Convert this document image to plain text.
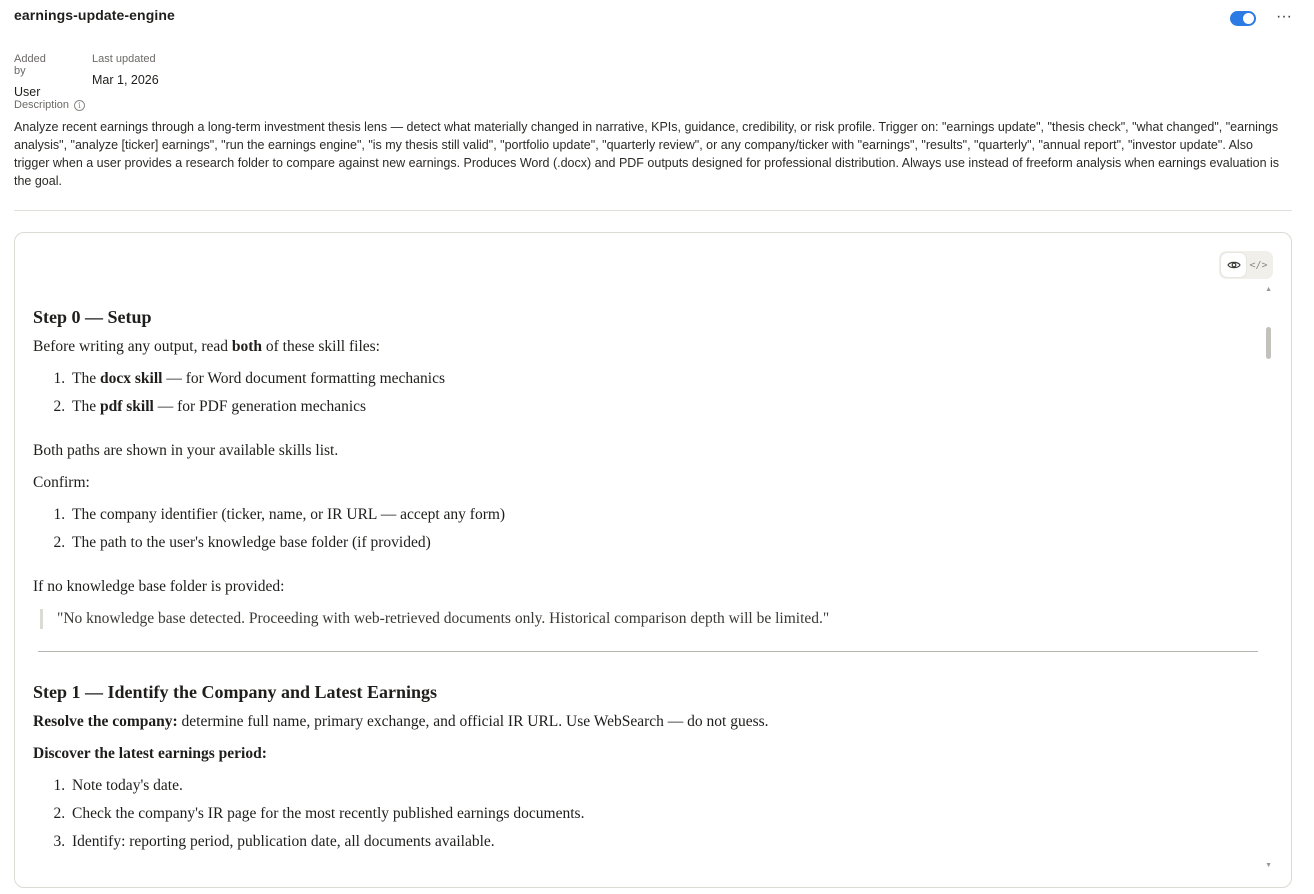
earnings-update-engine	···
Added by
User
Last updated
Mar 1, 2026
Description	i
Analyze recent earnings through a long-term investment thesis lens — detect what materially changed in narrative, KPIs, guidance, credibility, or risk profile. Trigger on: "earnings update", "thesis check", "what changed", "earnings analysis", "analyze [ticker] earnings", "run the earnings engine", "is my thesis still valid", "portfolio update", "quarterly review", or any company/ticker with "earnings", "results", "quarterly", "annual report", "investor update". Also trigger when a user provides a research folder to compare against new earnings. Produces Word (.docx) and PDF outputs designed for professional distribution. Always use instead of freeform analysis when earnings evaluation is the goal.
</>
▲
▼
Step 0 — Setup

Before writing any output, read both of these skill files:

1. The docx skill — for Word document formatting mechanics
2. The pdf skill — for PDF generation mechanics

Both paths are shown in your available skills list.

Confirm:

1. The company identifier (ticker, name, or IR URL — accept any form)
2. The path to the user's knowledge base folder (if provided)

If no knowledge base folder is provided:

"No knowledge base detected. Proceeding with web-retrieved documents only. Historical comparison depth will be limited."
Step 1 — Identify the Company and Latest Earnings

Resolve the company: determine full name, primary exchange, and official IR URL. Use WebSearch — do not guess.

Discover the latest earnings period:

1. Note today's date.
2. Check the company's IR page for the most recently published earnings documents.
3. Identify: reporting period, publication date, all documents available.
